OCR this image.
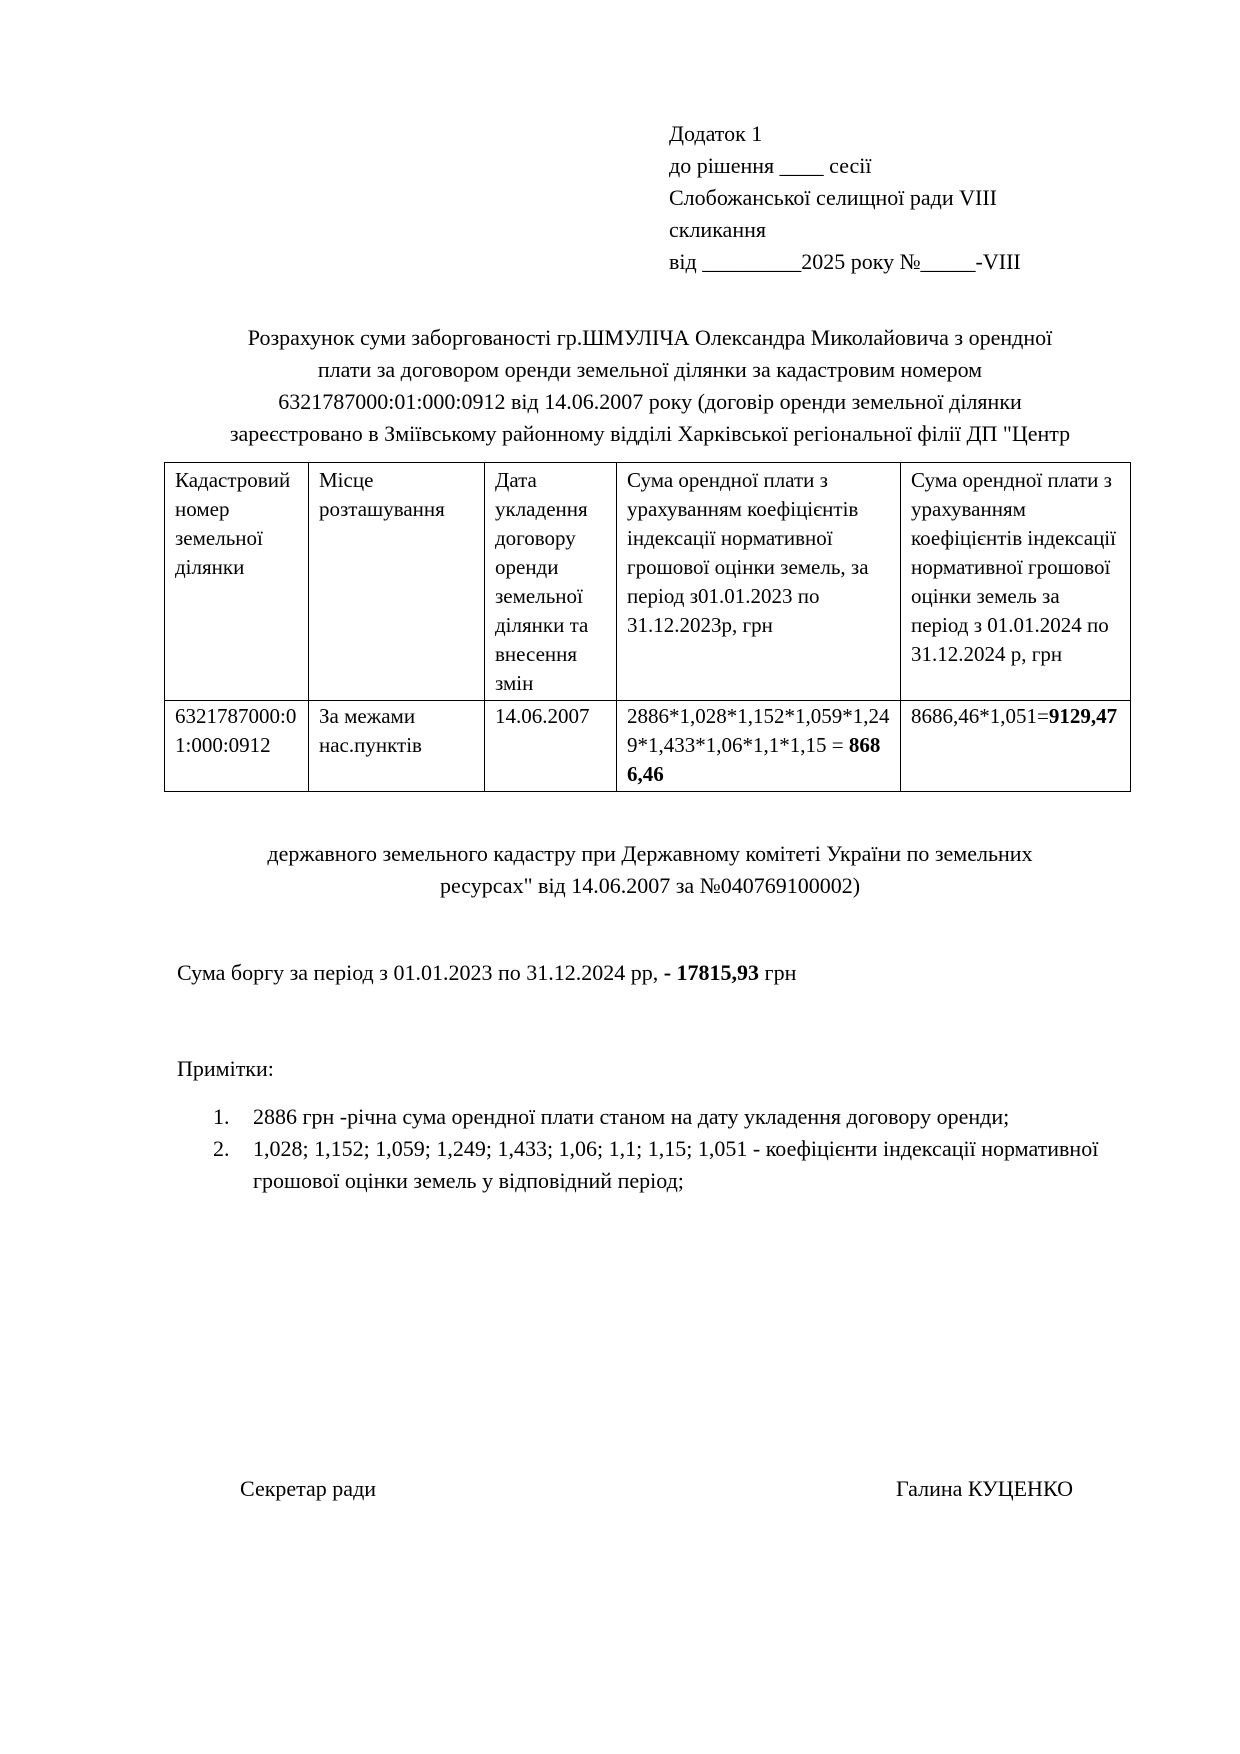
Додаток 1
до рішення ____ сесії
Слобожанської селищної ради VIII
скликання
від _________2025 року №_____-VIII
Розрахунок суми заборгованості гр.ШМУЛІЧА Олександра Миколайовича з орендної
плати за договором оренди земельної ділянки за кадастровим номером
6321787000:01:000:0912 від 14.06.2007 року (договір оренди земельної ділянки
зареєстровано в Зміївському районному відділі Харківської регіональної філії ДП "Центр
Кадастровий номер земельної ділянки	Місце розташування	Дата укладення договору оренди земельної ділянки та внесення змін	Сума орендної плати з урахуванням коефіцієнтів індексації нормативної грошової оцінки земель, за період з01.01.2023 по 31.12.2023р, грн	Сума орендної плати з урахуванням коефіцієнтів індексації нормативної грошової оцінки земель за період з 01.01.2024 по 31.12.2024 р, грн
6321787000:01:000:0912	За межами нас.пунктів	14.06.2007	2886*1,028*1,152*1,059*1,249*1,433*1,06*1,1*1,15 = 8686,46	8686,46*1,051=9129,47
державного земельного кадастру при Державному комітеті України по земельних
ресурсах" від 14.06.2007 за №040769100002)
Сума боргу за період з 01.01.2023 по 31.12.2024 рр, - 17815,93 грн
Примітки:
1. 2886 грн -річна сума орендної плати станом на дату укладення договору оренди;
2. 1,028; 1,152; 1,059; 1,249; 1,433; 1,06; 1,1; 1,15; 1,051 - коефіцієнти індексації нормативної грошової оцінки земель у відповідний період;
Секретар ради	Галина КУЦЕНКО
